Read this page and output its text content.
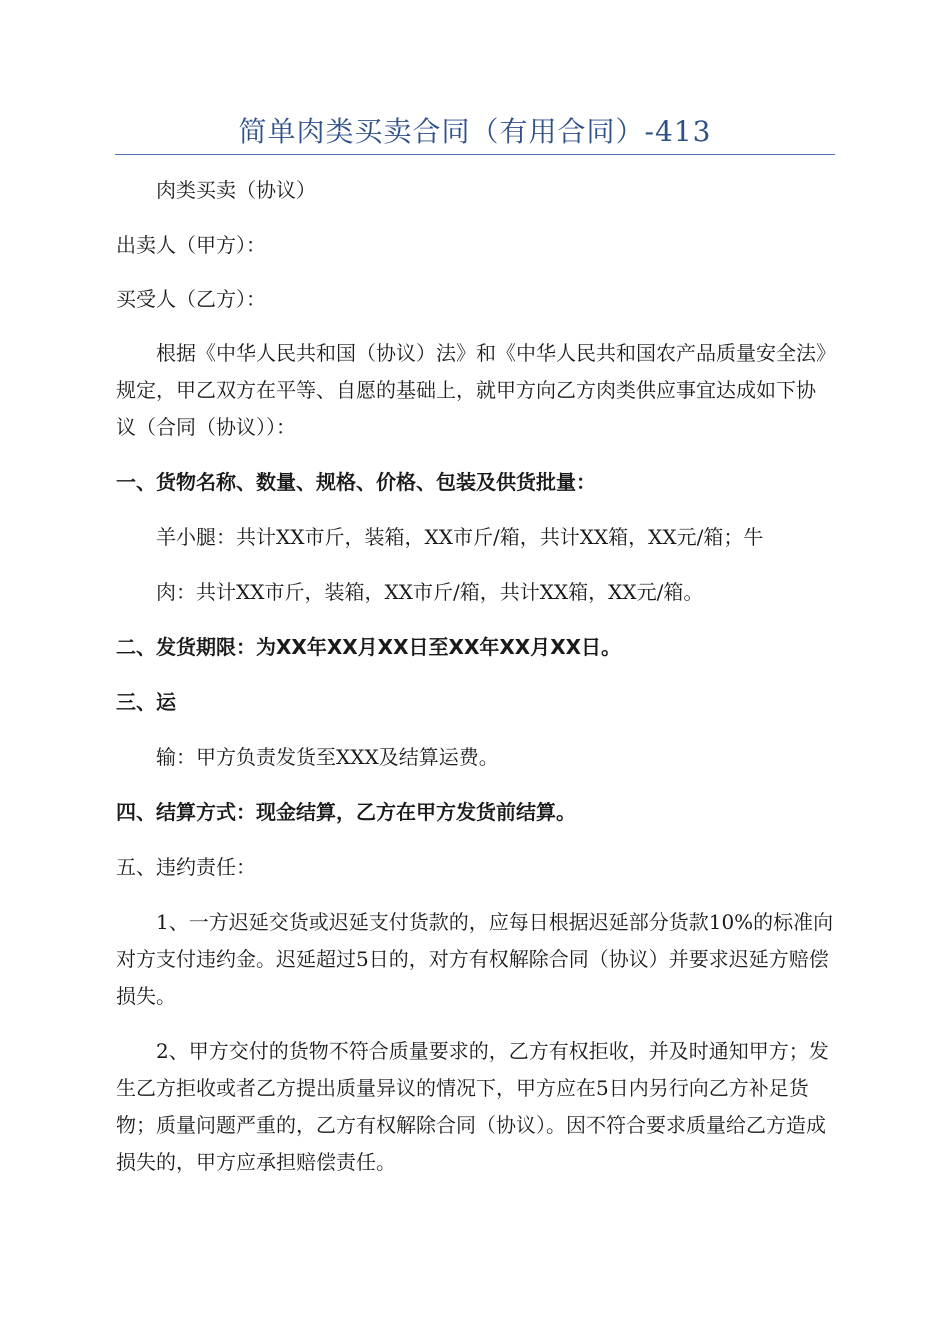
简单肉类买卖合同（有用合同）-413

肉类买卖（协议）

出卖人（甲方）：

买受人（乙方）：

根据《中华人民共和国（协议）法》和《中华人民共和国农产品质量安全法》规定，甲乙双方在平等、自愿的基础上，就甲方向乙方肉类供应事宜达成如下协议（合同（协议））：

一、货物名称、数量、规格、价格、包装及供货批量：

羊小腿：共计XX市斤，装箱，XX市斤/箱，共计XX箱，XX元/箱；牛

肉：共计XX市斤，装箱，XX市斤/箱，共计XX箱，XX元/箱。

二、发货期限：为XX年XX月XX日至XX年XX月XX日。

三、运

输：甲方负责发货至XXX及结算运费。

四、结算方式：现金结算，乙方在甲方发货前结算。

五、违约责任：

1、一方迟延交货或迟延支付货款的，应每日根据迟延部分货款10%的标准向对方支付违约金。迟延超过5日的，对方有权解除合同（协议）并要求迟延方赔偿损失。

2、甲方交付的货物不符合质量要求的，乙方有权拒收，并及时通知甲方；发生乙方拒收或者乙方提出质量异议的情况下，甲方应在5日内另行向乙方补足货物；质量问题严重的，乙方有权解除合同（协议）。因不符合要求质量给乙方造成损失的，甲方应承担赔偿责任。
